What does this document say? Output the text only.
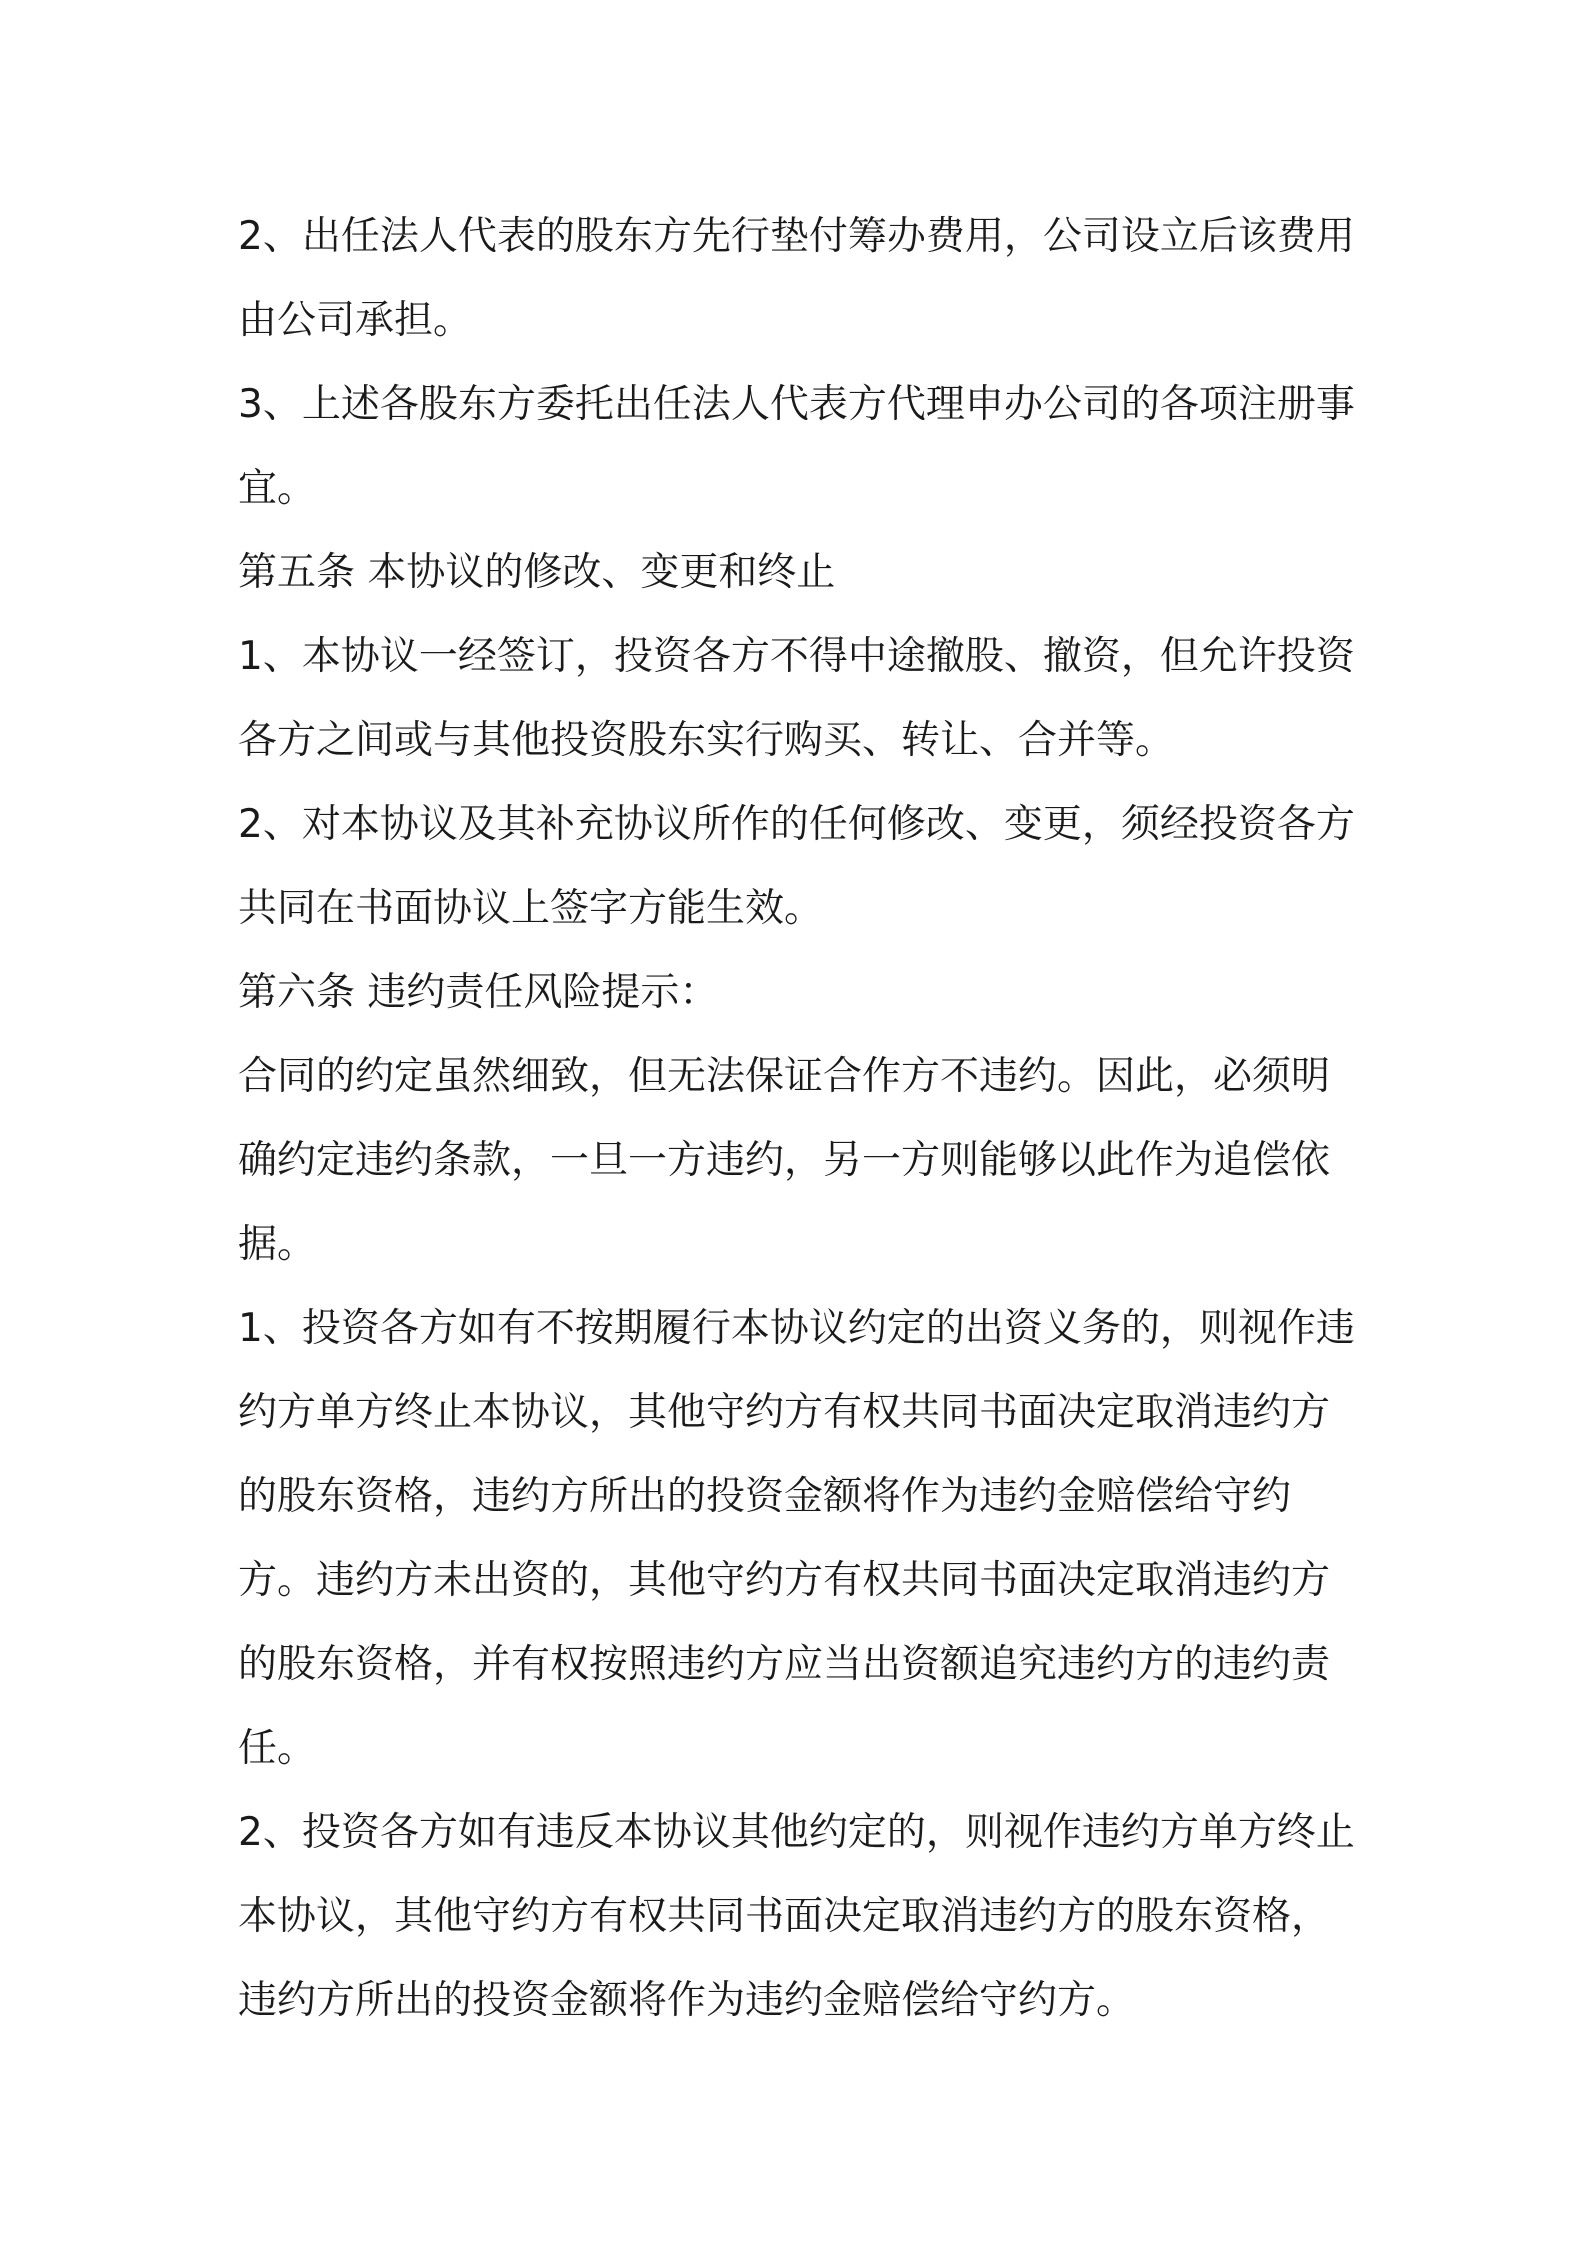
2、出任法人代表的股东方先行垫付筹办费用，公司设立后该费用由公司承担。

3、上述各股东方委托出任法人代表方代理申办公司的各项注册事宜。

第五条 本协议的修改、变更和终止

1、本协议一经签订，投资各方不得中途撤股、撤资，但允许投资各方之间或与其他投资股东实行购买、转让、合并等。

2、对本协议及其补充协议所作的任何修改、变更，须经投资各方共同在书面协议上签字方能生效。

第六条 违约责任风险提示：

合同的约定虽然细致，但无法保证合作方不违约。因此，必须明确约定违约条款，一旦一方违约，另一方则能够以此作为追偿依据。

1、投资各方如有不按期履行本协议约定的出资义务的，则视作违约方单方终止本协议，其他守约方有权共同书面决定取消违约方的股东资格，违约方所出的投资金额将作为违约金赔偿给守约方。违约方未出资的，其他守约方有权共同书面决定取消违约方的股东资格，并有权按照违约方应当出资额追究违约方的违约责任。

2、投资各方如有违反本协议其他约定的，则视作违约方单方终止本协议，其他守约方有权共同书面决定取消违约方的股东资格，违约方所出的投资金额将作为违约金赔偿给守约方。
